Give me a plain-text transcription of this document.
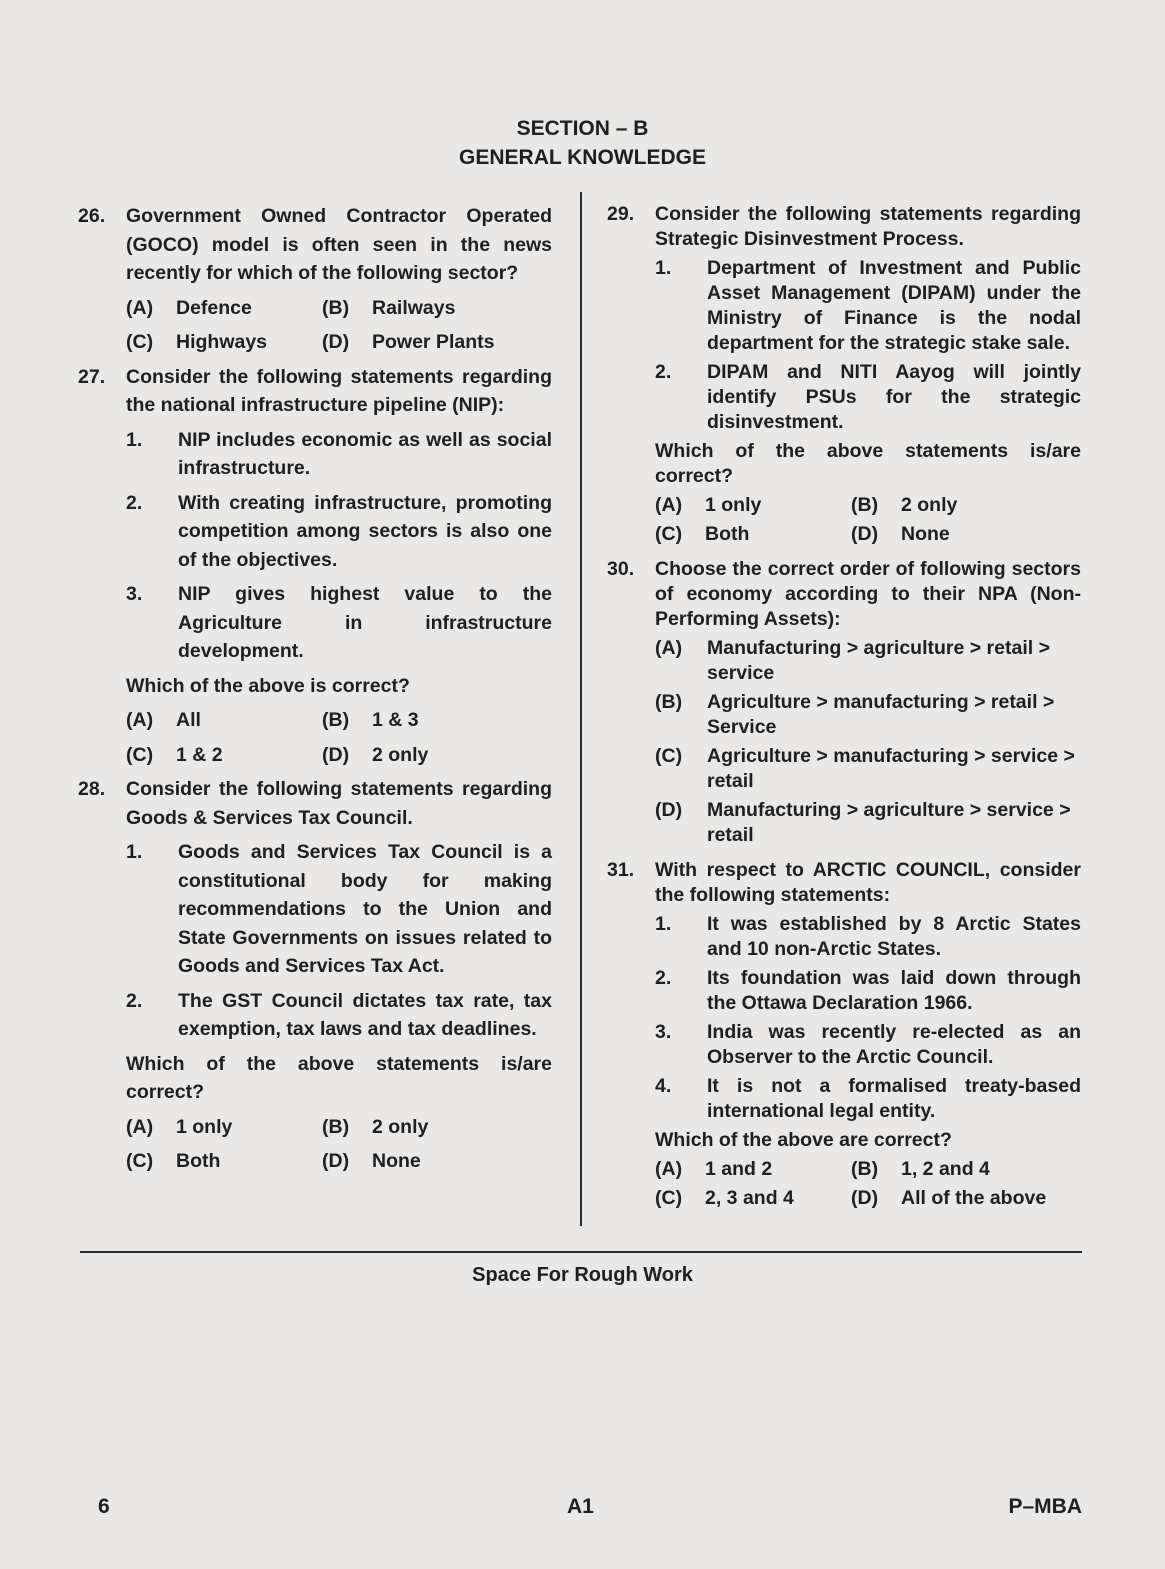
SECTION – B
GENERAL KNOWLEDGE
26. Government Owned Contractor Operated (GOCO) model is often seen in the news recently for which of the following sector?
(A)	Defence	(B)	Railways
(C)	Highways	(D)	Power Plants
27. Consider the following statements regarding the national infrastructure pipeline (NIP):
1. NIP includes economic as well as social infrastructure.
2. With creating infrastructure, promoting competition among sectors is also one of the objectives.
3. NIP gives highest value to the Agriculture in infrastructure development.
Which of the above is correct?
(A)	All	(B)	1 & 3
(C)	1 & 2	(D)	2 only
28. Consider the following statements regarding Goods & Services Tax Council.
1. Goods and Services Tax Council is a constitutional body for making recommendations to the Union and State Governments on issues related to Goods and Services Tax Act.
2. The GST Council dictates tax rate, tax exemption, tax laws and tax deadlines.
Which of the above statements is/are correct?
(A)	1 only	(B)	2 only
(C)	Both	(D)	None
29. Consider the following statements regarding Strategic Disinvestment Process.
1. Department of Investment and Public Asset Management (DIPAM) under the Ministry of Finance is the nodal department for the strategic stake sale.
2. DIPAM and NITI Aayog will jointly identify PSUs for the strategic disinvestment.
Which of the above statements is/are correct?
(A)	1 only	(B)	2 only
(C)	Both	(D)	None
30. Choose the correct order of following sectors of economy according to their NPA (Non-Performing Assets):
(A) Manufacturing > agriculture > retail > service
(B) Agriculture > manufacturing > retail > Service
(C) Agriculture > manufacturing > service > retail
(D) Manufacturing > agriculture > service > retail
31. With respect to ARCTIC COUNCIL, consider the following statements:
1. It was established by 8 Arctic States and 10 non-Arctic States.
2. Its foundation was laid down through the Ottawa Declaration 1966.
3. India was recently re-elected as an Observer to the Arctic Council.
4. It is not a formalised treaty-based international legal entity.
Which of the above are correct?
(A)	1 and 2	(B)	1, 2 and 4
(C)	2, 3 and 4	(D)	All of the above
Space For Rough Work
6	A1	P–MBA
